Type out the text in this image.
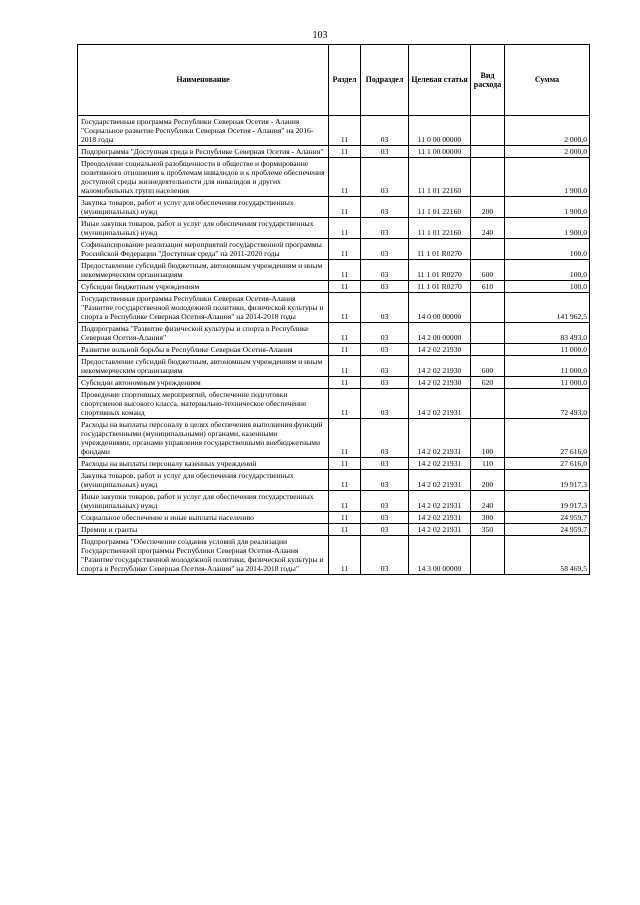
103
Наименование	Раздел	Подраздел	Целевая статья	Вид расхода	Сумма
Государственная программа Республики Северная Осетия - Алания "Социальное развитие Республики Северная Осетия - Алания" на 2016-2018 годы	11	03	11 0 00 00000		2 000,0
Подпрограмма "Доступная среда в Республике Северная Осетия - Алания"	11	03	11 1 00 00000		2 000,0
Преодоление социальной разобщенности в обществе и формирование позитивного отношения к проблемам инвалидов и к проблеме обеспечения доступной среды жизнедеятельности для инвалидов и других маломобильных групп населения	11	03	11 1 01 22160		1 900,0
Закупка товаров, работ и услуг для обеспечения государственных (муниципальных) нужд	11	03	11 1 01 22160	200	1 900,0
Иные закупки товаров, работ и услуг для обеспечения государственных (муниципальных) нужд	11	03	11 1 01 22160	240	1 900,0
Софинансирование реализации мероприятий государственной программы Российской Федерации "Доступная среда" на 2011-2020 годы	11	03	11 1 01 R0270		100,0
Предоставление субсидий бюджетным, автономным учреждениям и иным некоммерческим организациям	11	03	11 1 01 R0270	600	100,0
Субсидии бюджетным учреждениям	11	03	11 1 01 R0270	610	100,0
Государственная программа Республики Северная Осетия-Алания "Развитие государственной молодежной политики, физической культуры и спорта в Республике Северная Осетия-Алания" на 2014-2018 годы	11	03	14 0 00 00000		141 962,5
Подпрограмма "Развитие физической культуры и спорта в Республике Северная Осетия-Алания"	11	03	14 2 00 00000		83 493,0
Развитие вольной борьбы в Республике Северная Осетия-Алания	11	03	14 2 02 21930		11 000,0
Предоставление субсидий бюджетным, автономным учреждениям и иным некоммерческим организациям	11	03	14 2 02 21930	600	11 000,0
Субсидии автономным учреждениям	11	03	14 2 02 21930	620	11 000,0
Проведение спортивных мероприятий, обеспечение подготовки спортсменов высокого класса, материально-техническое обеспечение спортивных команд	11	03	14 2 02 21931		72 493,0
Расходы на выплаты персоналу в целях обеспечения выполнения функций государственными (муниципальными) органами, казенными учреждениями, органами управления государственными внебюджетными фондами	11	03	14 2 02 21931	100	27 616,0
Расходы на выплаты персоналу казенных учреждений	11	03	14 2 02 21931	110	27 616,0
Закупка товаров, работ и услуг для обеспечения государственных (муниципальных) нужд	11	03	14 2 02 21931	200	19 917,3
Иные закупки товаров, работ и услуг для обеспечения государственных (муниципальных) нужд	11	03	14 2 02 21931	240	19 917,3
Социальное обеспечение и иные выплаты населению	11	03	14 2 02 21931	300	24 959,7
Премии и гранты	11	03	14 2 02 21931	350	24 959,7
Подпрограмма "Обеспечение создания условий для реализации Государственной программы Республики Северная Осетия-Алания "Развитие государственной молодежной политики, физической культуры и спорта в Республике Северная Осетия-Алания" на 2014-2018 годы"	11	03	14 3 00 00000		58 469,5
